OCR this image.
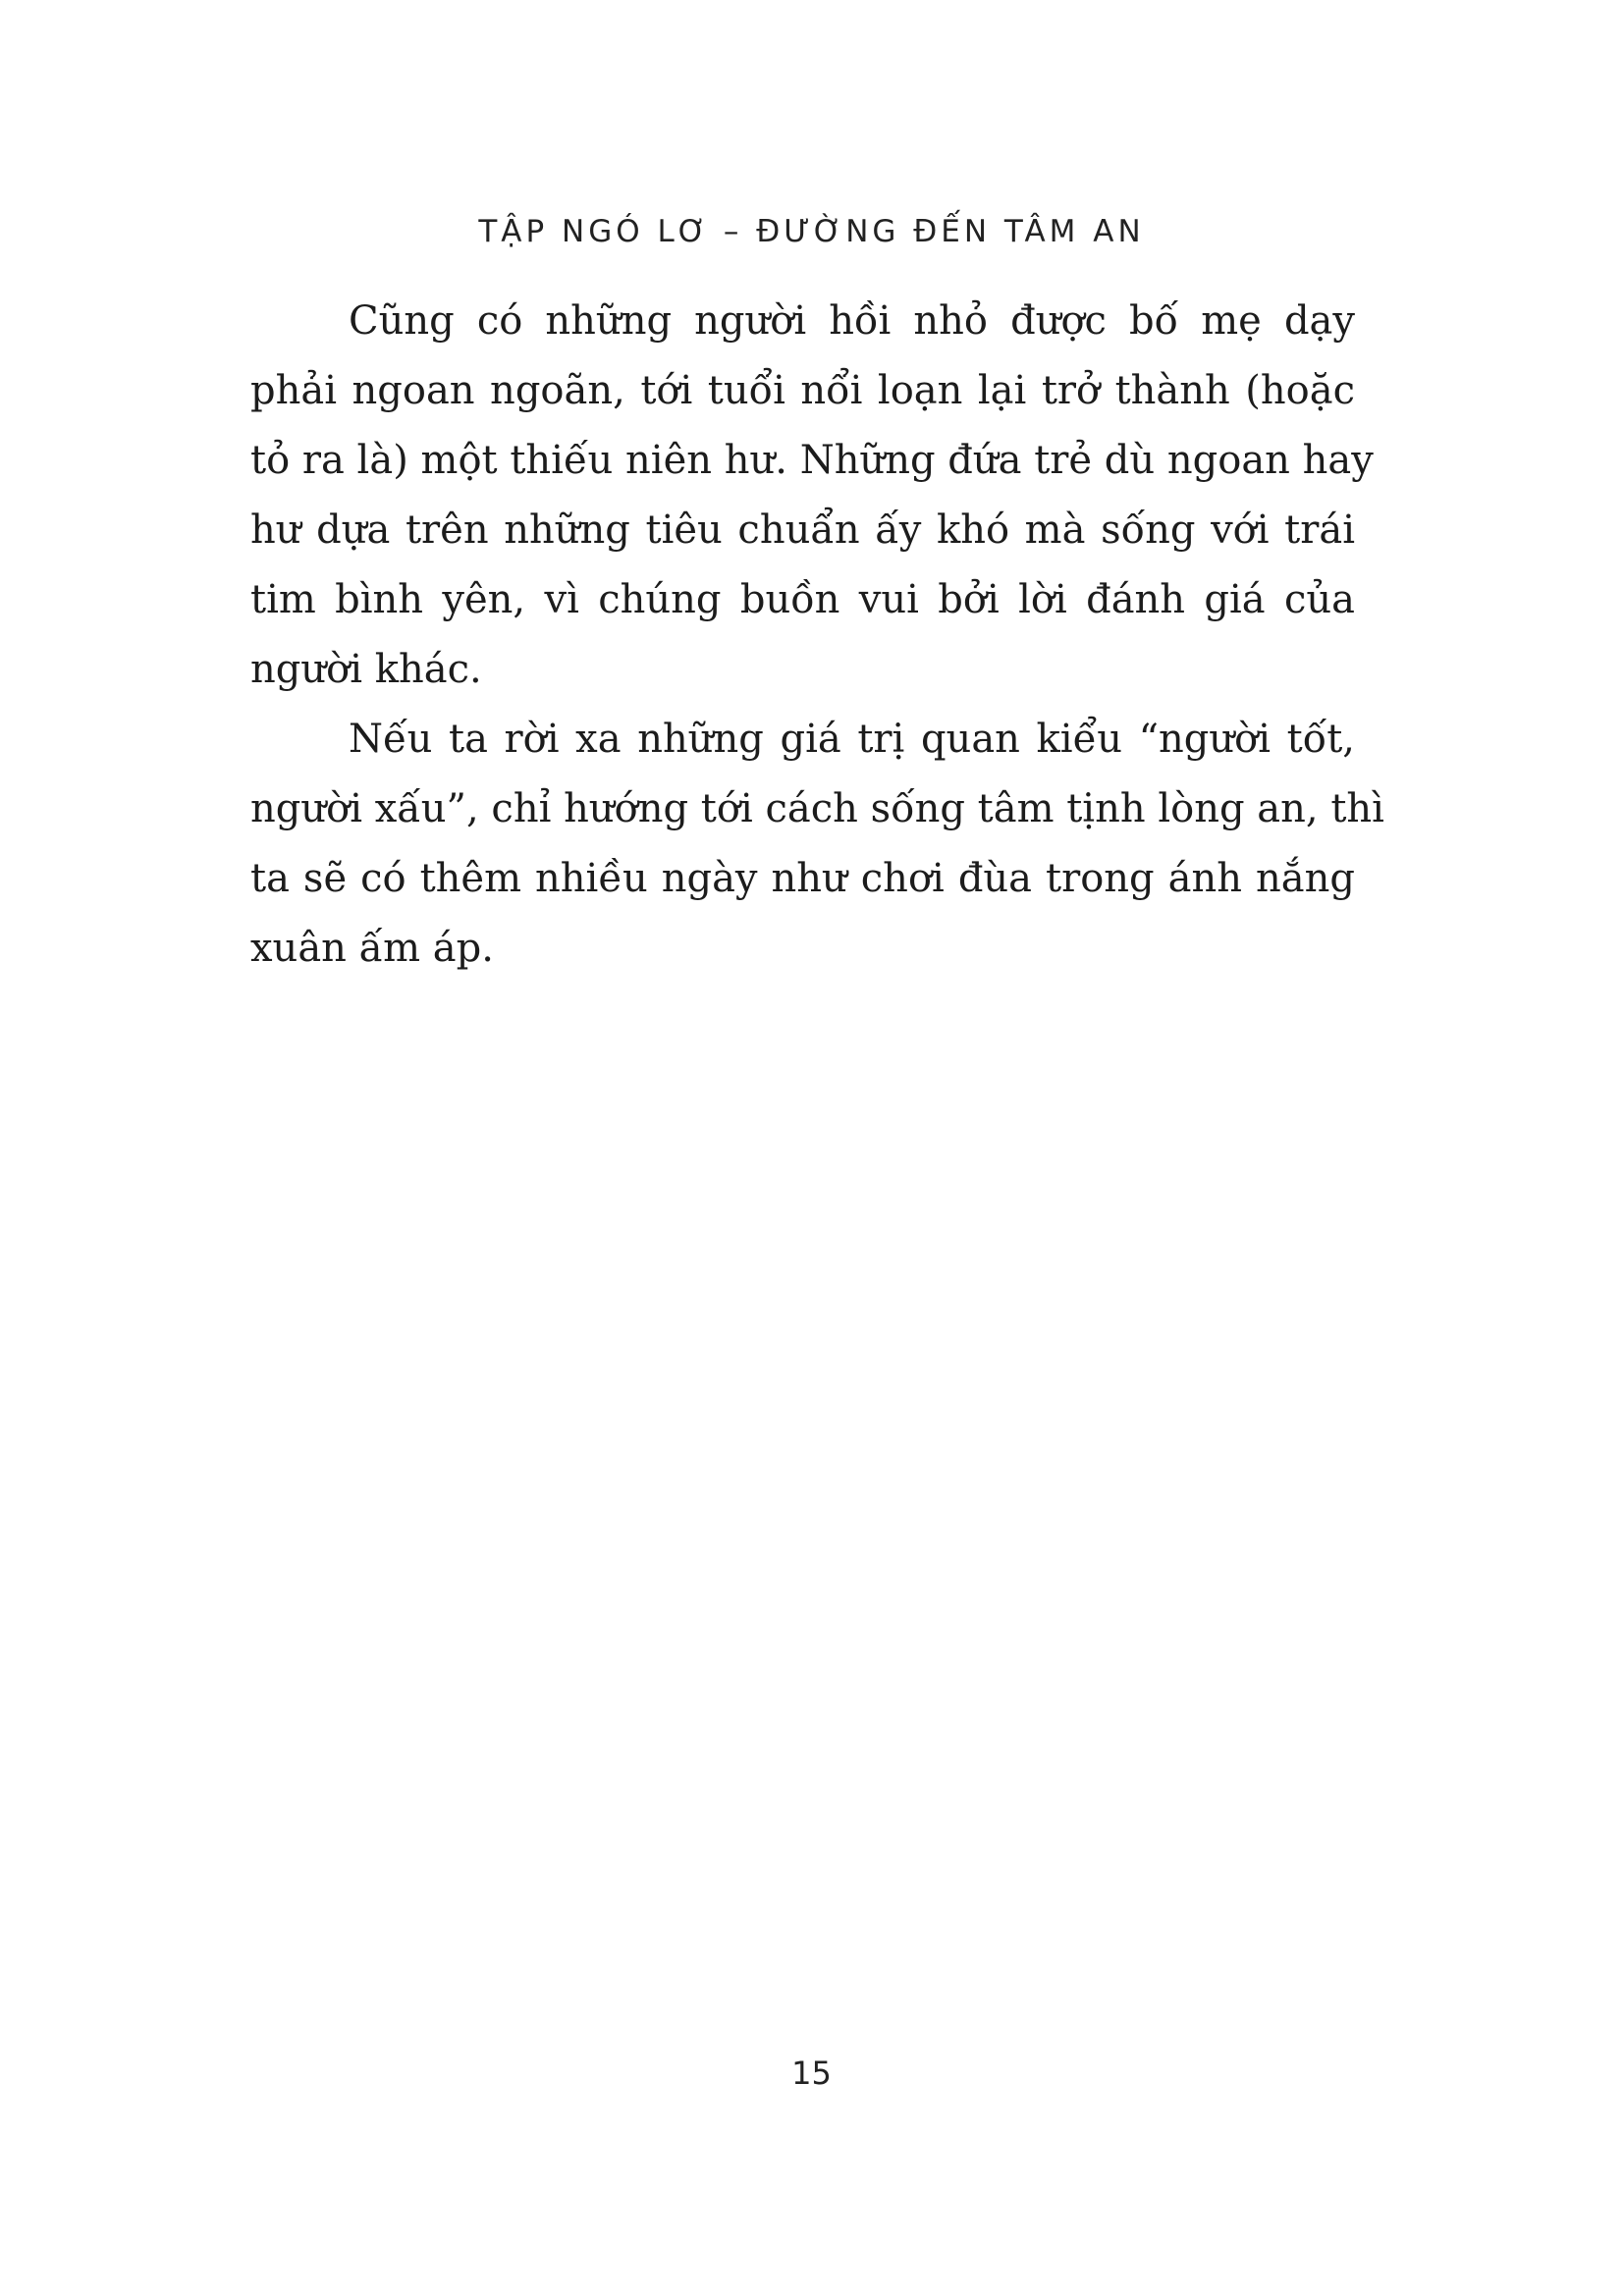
TẬP NGÓ LƠ – ĐƯỜNG ĐẾN TÂM AN
Cũng có những người hồi nhỏ được bố mẹ dạy
phải ngoan ngoãn, tới tuổi nổi loạn lại trở thành (hoặc
tỏ ra là) một thiếu niên hư. Những đứa trẻ dù ngoan hay
hư dựa trên những tiêu chuẩn ấy khó mà sống với trái
tim bình yên, vì chúng buồn vui bởi lời đánh giá của
người khác.
Nếu ta rời xa những giá trị quan kiểu “người tốt,
người xấu”, chỉ hướng tới cách sống tâm tịnh lòng an, thì
ta sẽ có thêm nhiều ngày như chơi đùa trong ánh nắng
xuân ấm áp.
15
